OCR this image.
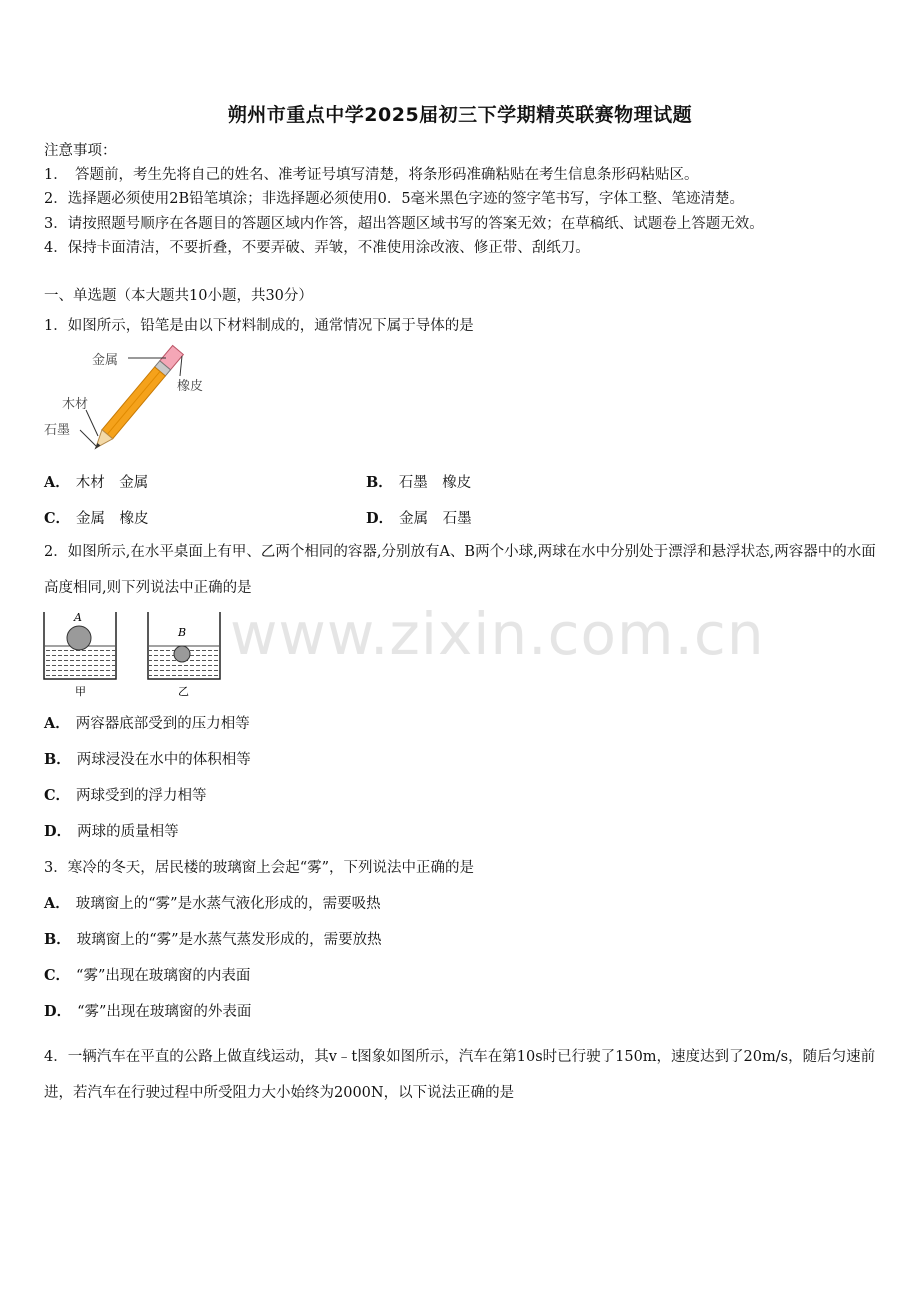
朔州市重点中学2025届初三下学期精英联赛物理试题
注意事项：
1．　答题前，考生先将自己的姓名、准考证号填写清楚，将条形码准确粘贴在考生信息条形码粘贴区。
2．选择题必须使用2B铅笔填涂；非选择题必须使用0．5毫米黑色字迹的签字笔书写，字体工整、笔迹清楚。
3．请按照题号顺序在各题目的答题区域内作答，超出答题区域书写的答案无效；在草稿纸、试题卷上答题无效。
4．保持卡面清洁，不要折叠，不要弄破、弄皱，不准使用涂改液、修正带、刮纸刀。
一、单选题（本大题共10小题，共30分）
1．如图所示，铅笔是由以下材料制成的，通常情况下属于导体的是
金属
橡皮
木材
石墨
A． 木材　金属	B． 石墨　橡皮
C． 金属　橡皮	D． 金属　石墨
2．如图所示,在水平桌面上有甲、乙两个相同的容器,分别放有A、B两个小球,两球在水中分别处于漂浮和悬浮状态,两容器中的水面高度相同,则下列说法中正确的是
A
甲
B
乙
www.zixin.com.cn
A． 两容器底部受到的压力相等
B． 两球浸没在水中的体积相等
C． 两球受到的浮力相等
D． 两球的质量相等
3．寒冷的冬天，居民楼的玻璃窗上会起“雾”，下列说法中正确的是
A． 玻璃窗上的“雾”是水蒸气液化形成的，需要吸热
B． 玻璃窗上的“雾”是水蒸气蒸发形成的，需要放热
C． “雾”出现在玻璃窗的内表面
D． “雾”出现在玻璃窗的外表面
4．一辆汽车在平直的公路上做直线运动，其v﹣t图象如图所示，汽车在第10s时已行驶了150m，速度达到了20m/s，随后匀速前进，若汽车在行驶过程中所受阻力大小始终为2000N，以下说法正确的是
